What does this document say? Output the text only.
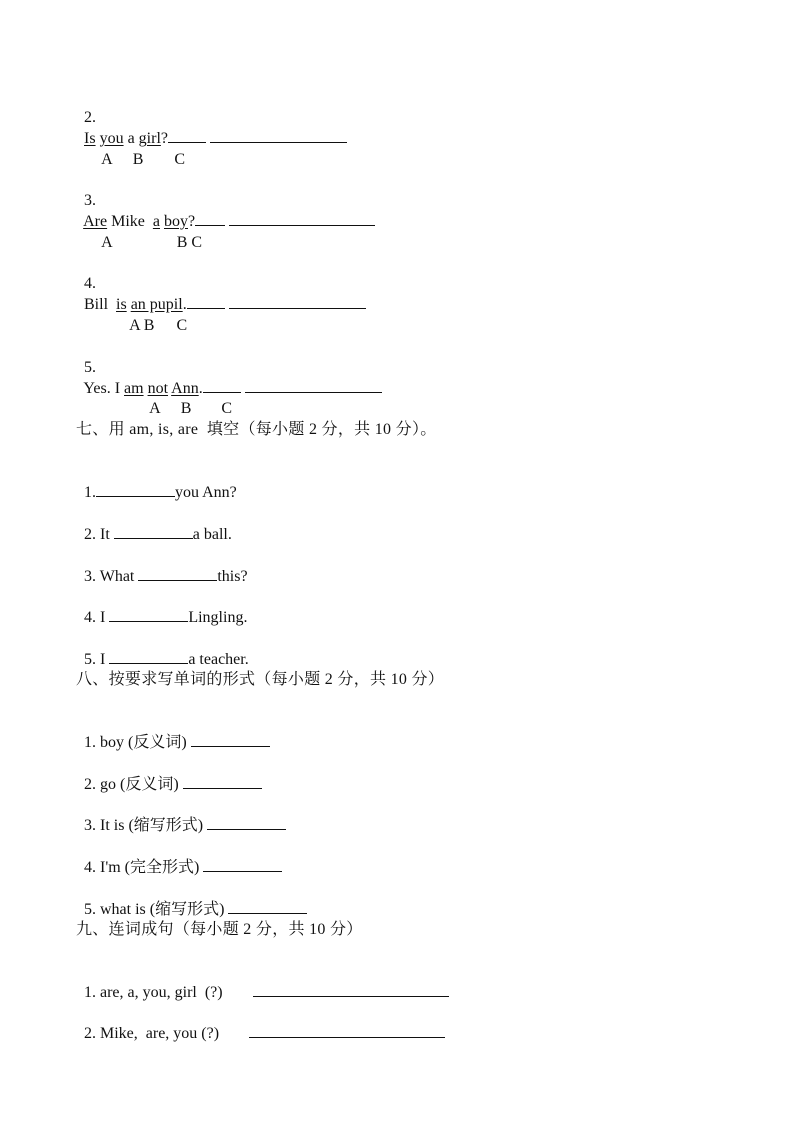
2.
Is you a girl?

A B C

3.
Are Mike a boy?

A	B C

4.
Bill is an pupil.

A B C

5.
Yes. I am not Ann.

A B C

七、用 am, is, are  填空（每小题 2 分，共 10 分）。

1.	you Ann?

2. It	a ball.

3. What	this?

4. I	Lingling.

5. I	a teacher.

八、按要求写单词的形式（每小题 2 分，共 10 分）

1. boy (反义词)

2. go (反义词)

3. It is (缩写形式)

4. I'm (完全形式)

5. what is (缩写形式)

九、连词成句（每小题 2 分，共 10 分）

1. are, a, you, girl  (?)

2. Mike,  are, you (?)
